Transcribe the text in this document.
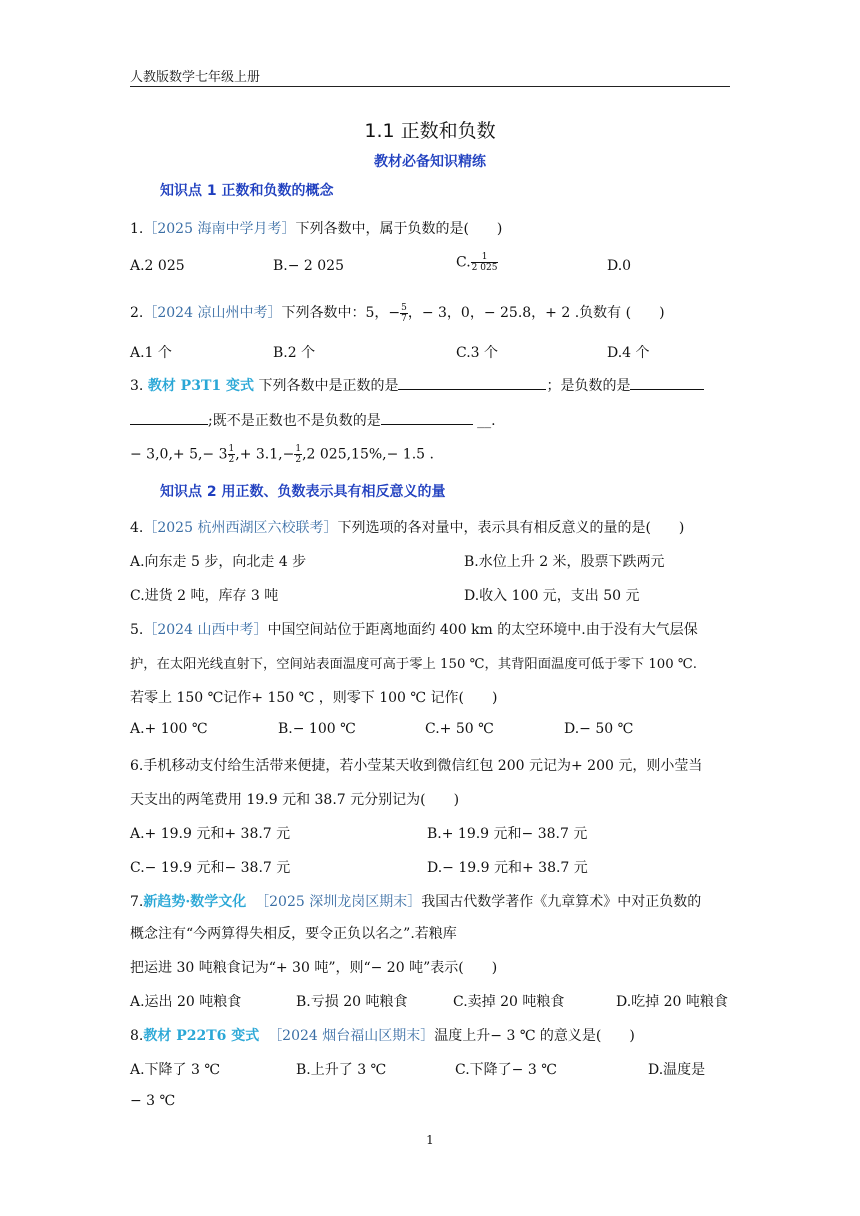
人教版数学七年级上册
1.1 正数和负数
教材必备知识精练
知识点 1 正数和负数的概念
1.［2025 海南中学月考］下列各数中，属于负数的是(　　)
A.2 025	B.− 2 025	C. $\frac{1}{2 025}$	D.0
2.［2024 凉山州中考］下列各数中：5，− $\frac{5}{7}$ ，− 3，0，− 25.8，+ 2 .负数有 (　　)
A.1 个	B.2 个	C.3 个	D.4 个
3. 教材 P3T1 变式 下列各数中是正数的是	；是负数的是
;既不是正数也不是负数的是	__.
− $3,0,+ 5,- 3 \frac{1}{2}$ ,+ $3.1,- \frac{1}{2} ,2$ 025,15%,− 1.5 .
知识点 2 用正数、负数表示具有相反意义的量
4.［2025 杭州西湖区六校联考］下列选项的各对量中，表示具有相反意义的量的是(　　)
A.向东走 5 步，向北走 4 步	B.水位上升 2 米，股票下跌两元
C.进货 2 吨，库存 3 吨	D.收入 100 元，支出 50 元
5.［2024 山西中考］中国空间站位于距离地面约 400 km 的太空环境中.由于没有大气层保
护，在太阳光线直射下，空间站表面温度可高于零上 150 ℃，其背阳面温度可低于零下 100 ℃.
若零上 150 ℃记作+ 150 ℃ ，则零下 100 ℃ 记作(　　)
A.+ 100 ℃	B.− 100 ℃	C.+ 50 ℃	D.− 50 ℃
6.手机移动支付给生活带来便捷，若小莹某天收到微信红包 200 元记为+ 200 元，则小莹当
天支出的两笔费用 19.9 元和 38.7 元分别记为(　　)
A.+ 19.9 元和+ 38.7 元	B.+ 19.9 元和− 38.7 元
C.− 19.9 元和− 38.7 元	D.− 19.9 元和+ 38.7 元
7.新趋势·数学文化 ［2025 深圳龙岗区期末］我国古代数学著作《九章算术》中对正负数的
概念注有“今两算得失相反，要令正负以名之”.若粮库
把运进 30 吨粮食记为“+ 30 吨”，则“− 20 吨”表示(　　)
A.运出 20 吨粮食	B.亏损 20 吨粮食	C.卖掉 20 吨粮食	D.吃掉 20 吨粮食
8.教材 P22T6 变式 ［2024 烟台福山区期末］温度上升− 3 ℃ 的意义是(　　)
A.下降了 3 ℃	B.上升了 3 ℃	C.下降了− 3 ℃	D.温度是
− 3 ℃
1
